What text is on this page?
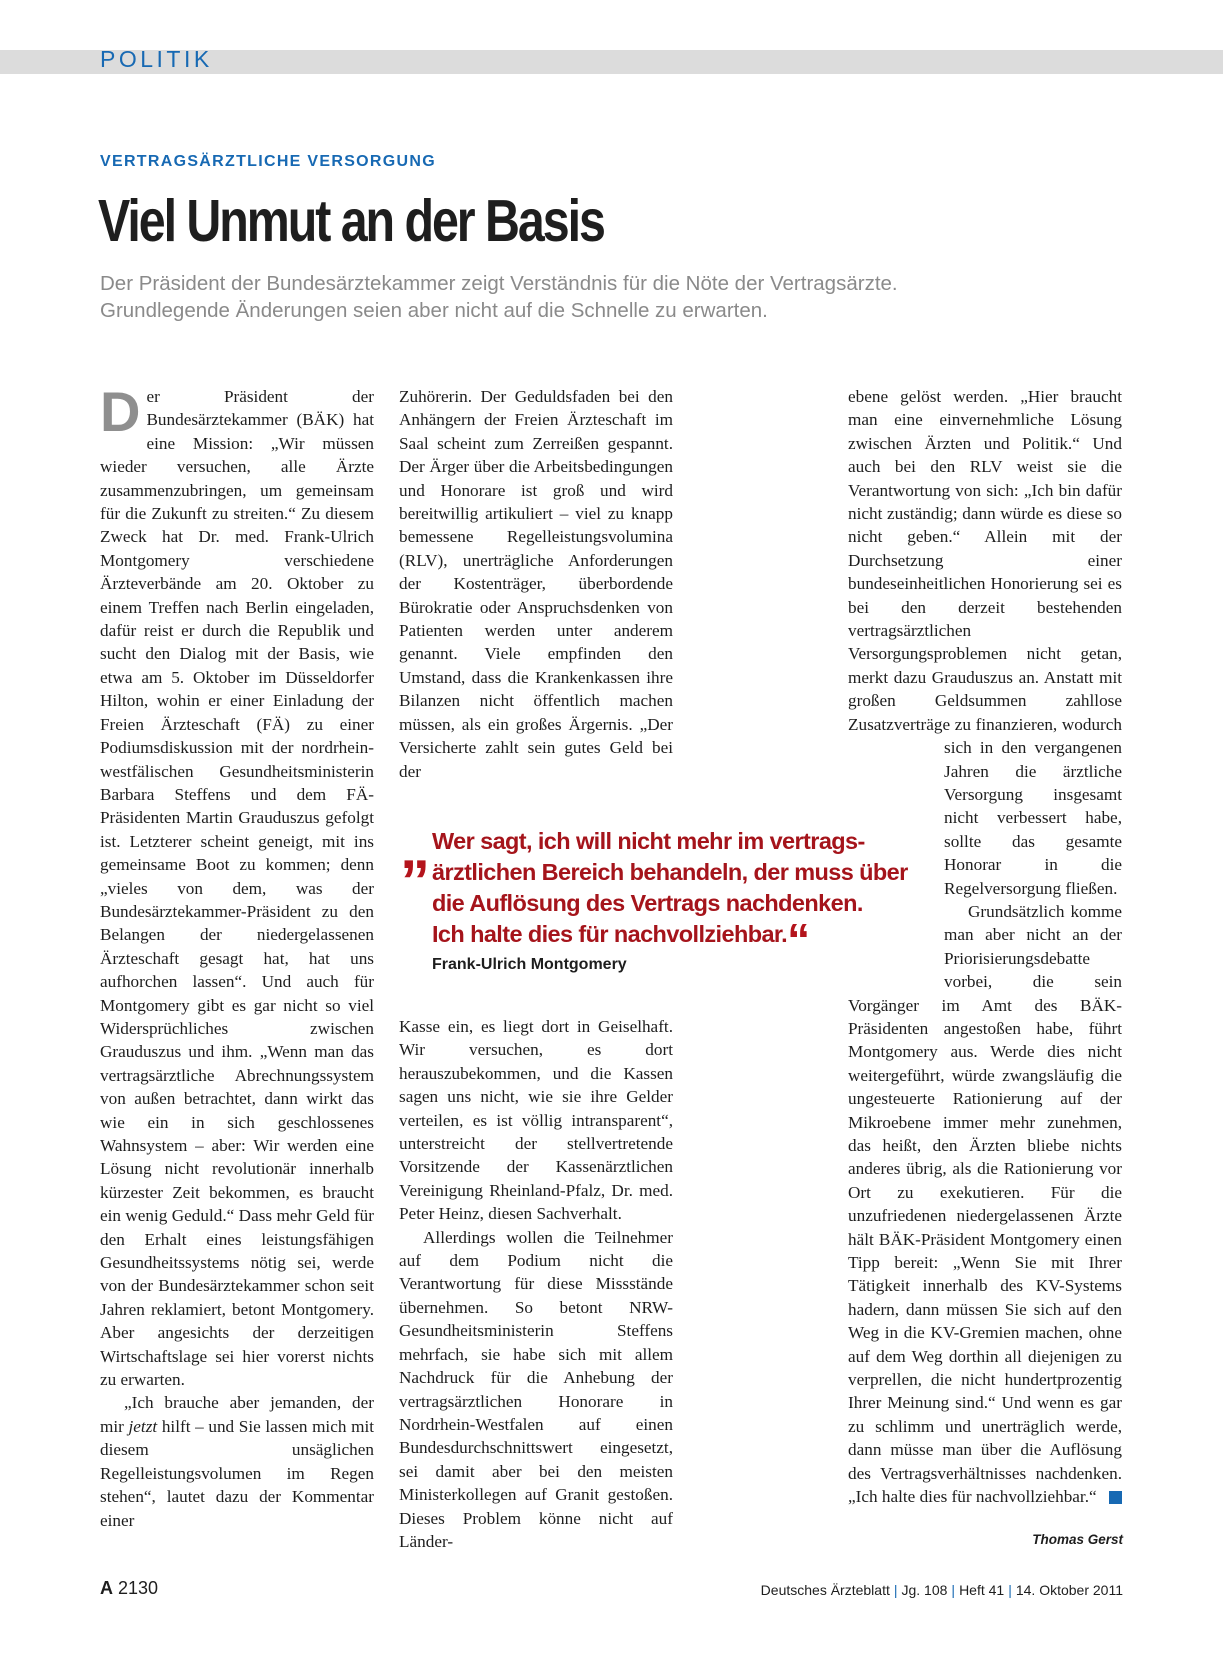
POLITIK
VERTRAGSÄRZTLICHE VERSORGUNG
Viel Unmut an der Basis

Der Präsident der Bundesärztekammer zeigt Verständnis für die Nöte der Vertragsärzte.

Grundlegende Änderungen seien aber nicht auf die Schnelle zu erwarten.

Der Präsident der Bundesärztekammer (BÄK) hat eine Mission: „Wir müssen wieder versuchen, alle Ärzte zusammenzubringen, um gemeinsam für die Zukunft zu streiten.“ Zu diesem Zweck hat Dr. med. Frank-Ulrich Montgomery verschiedene Ärzteverbände am 20. Oktober zu einem Treffen nach Berlin eingeladen, dafür reist er durch die Republik und sucht den Dialog mit der Basis, wie etwa am 5. Oktober im Düsseldorfer Hilton, wohin er einer Einladung der Freien Ärzteschaft (FÄ) zu einer Podiumsdiskussion mit der nordrhein-westfälischen Gesundheitsministerin Barbara Steffens und dem FÄ-Präsidenten Martin Grauduszus gefolgt ist. Letzterer scheint geneigt, mit ins gemeinsame Boot zu kommen; denn „vieles von dem, was der Bundesärztekammer-Präsident zu den Belangen der niedergelassenen Ärzteschaft gesagt hat, hat uns aufhorchen lassen“. Und auch für Montgomery gibt es gar nicht so viel Widersprüchliches zwischen Grauduszus und ihm. „Wenn man das vertragsärztliche Abrechnungssystem von außen betrachtet, dann wirkt das wie ein in sich geschlossenes Wahnsystem – aber: Wir werden eine Lösung nicht revolutionär innerhalb kürzester Zeit bekommen, es braucht ein wenig Geduld.“ Dass mehr Geld für den Erhalt eines leistungsfähigen Gesundheitssystems nötig sei, werde von der Bundesärztekammer schon seit Jahren reklamiert, betont Montgomery. Aber angesichts der derzeitigen Wirtschaftslage sei hier vorerst nichts zu erwarten.

„Ich brauche aber jemanden, der mir jetzt hilft – und Sie lassen mich mit diesem unsäglichen Regelleistungsvolumen im Regen stehen“, lautet dazu der Kommentar einer

Zuhörerin. Der Geduldsfaden bei den Anhängern der Freien Ärzteschaft im Saal scheint zum Zerreißen gespannt. Der Ärger über die Arbeitsbedingungen und Honorare ist groß und wird bereitwillig artikuliert – viel zu knapp bemessene Regelleistungsvolumina (RLV), unerträgliche Anforderungen der Kostenträger, überbordende Bürokratie oder Anspruchsdenken von Patienten werden unter anderem genannt. Viele empfinden den Umstand, dass die Krankenkassen ihre Bilanzen nicht öffentlich machen müssen, als ein großes Ärgernis. „Der Versicherte zahlt sein gutes Geld bei der

„ Wer sagt, ich will nicht mehr im vertrags-

ärztlichen Bereich behandeln, der muss über

die Auflösung des Vertrags nachdenken.

Ich halte dies für nachvollziehbar.“

Frank-Ulrich Montgomery

Kasse ein, es liegt dort in Geiselhaft. Wir versuchen, es dort herauszubekommen, und die Kassen sagen uns nicht, wie sie ihre Gelder verteilen, es ist völlig intransparent“, unterstreicht der stellvertretende Vorsitzende der Kassenärztlichen Vereinigung Rheinland-Pfalz, Dr. med. Peter Heinz, diesen Sachverhalt.

Allerdings wollen die Teilnehmer auf dem Podium nicht die Verantwortung für diese Missstände übernehmen. So betont NRW-Gesundheitsministerin Steffens mehrfach, sie habe sich mit allem Nachdruck für die Anhebung der vertragsärztlichen Honorare in Nordrhein-Westfalen auf einen Bundesdurchschnittswert eingesetzt, sei damit aber bei den meisten Ministerkollegen auf Granit gestoßen. Dieses Problem könne nicht auf Länder-

ebene gelöst werden. „Hier braucht man eine einvernehmliche Lösung zwischen Ärzten und Politik.“ Und auch bei den RLV weist sie die Verantwortung von sich: „Ich bin dafür nicht zuständig; dann würde es diese so nicht geben.“ Allein mit der Durchsetzung einer bundeseinheitlichen Honorierung sei es bei den derzeit bestehenden vertragsärztlichen Versorgungsproblemen nicht getan, merkt dazu Grauduszus an. Anstatt mit großen Geldsummen zahllose Zusatzverträge zu finanzieren, wodurch sich in den vergangenen Jahren die ärztliche Versorgung insgesamt nicht verbessert habe, sollte das gesamte Honorar in die Regelversorgung fließen.

Grundsätzlich komme man aber nicht an der Priorisierungsdebatte vorbei, die sein Vorgänger im Amt des BÄK-Präsidenten angestoßen habe, führt Montgomery aus. Werde dies nicht weitergeführt, würde zwangsläufig die ungesteuerte Rationierung auf der Mikroebene immer mehr zunehmen, das heißt, den Ärzten bliebe nichts anderes übrig, als die Rationierung vor Ort zu exekutieren. Für die unzufriedenen niedergelassenen Ärzte hält BÄK-Präsident Montgomery einen Tipp bereit: „Wenn Sie mit Ihrer Tätigkeit innerhalb des KV-Systems hadern, dann müssen Sie sich auf den Weg in die KV-Gremien machen, ohne auf dem Weg dorthin all diejenigen zu verprellen, die nicht hundertprozentig Ihrer Meinung sind.“ Und wenn es gar zu schlimm und unerträglich werde, dann müsse man über die Auflösung des Vertragsverhältnisses nachdenken. „Ich halte dies für nachvollziehbar.“

Thomas Gerst
A 2130	Deutsches Ärzteblatt | Jg. 108 | Heft 41 | 14. Oktober 2011
